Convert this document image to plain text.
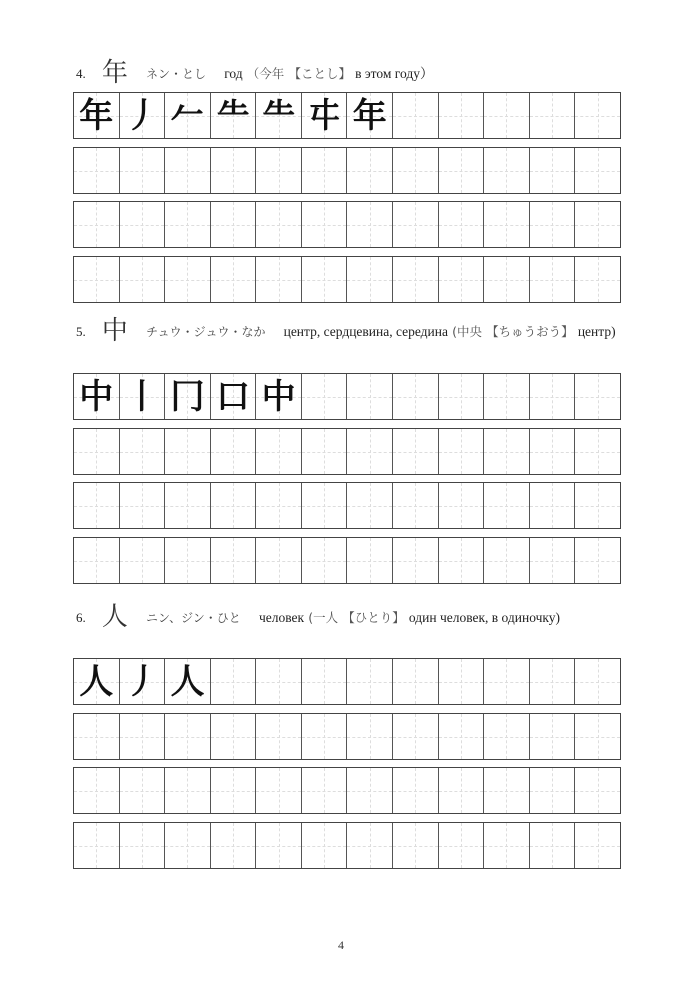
4. 年 ネン・とし год （今年 【ことし】 в этом году）
5. 中 チュウ・ジュウ・なか центр, сердцевина, середина (中央 【ちゅうおう】 центр)
6. 人 ニン、ジン・ひと человек (一人 【ひとり】 один человек, в одиночку)
4
年 丿 𠂉 ⺧ ⺧ 㐄 年
中 丨 冂 口 中
人 丿 人
